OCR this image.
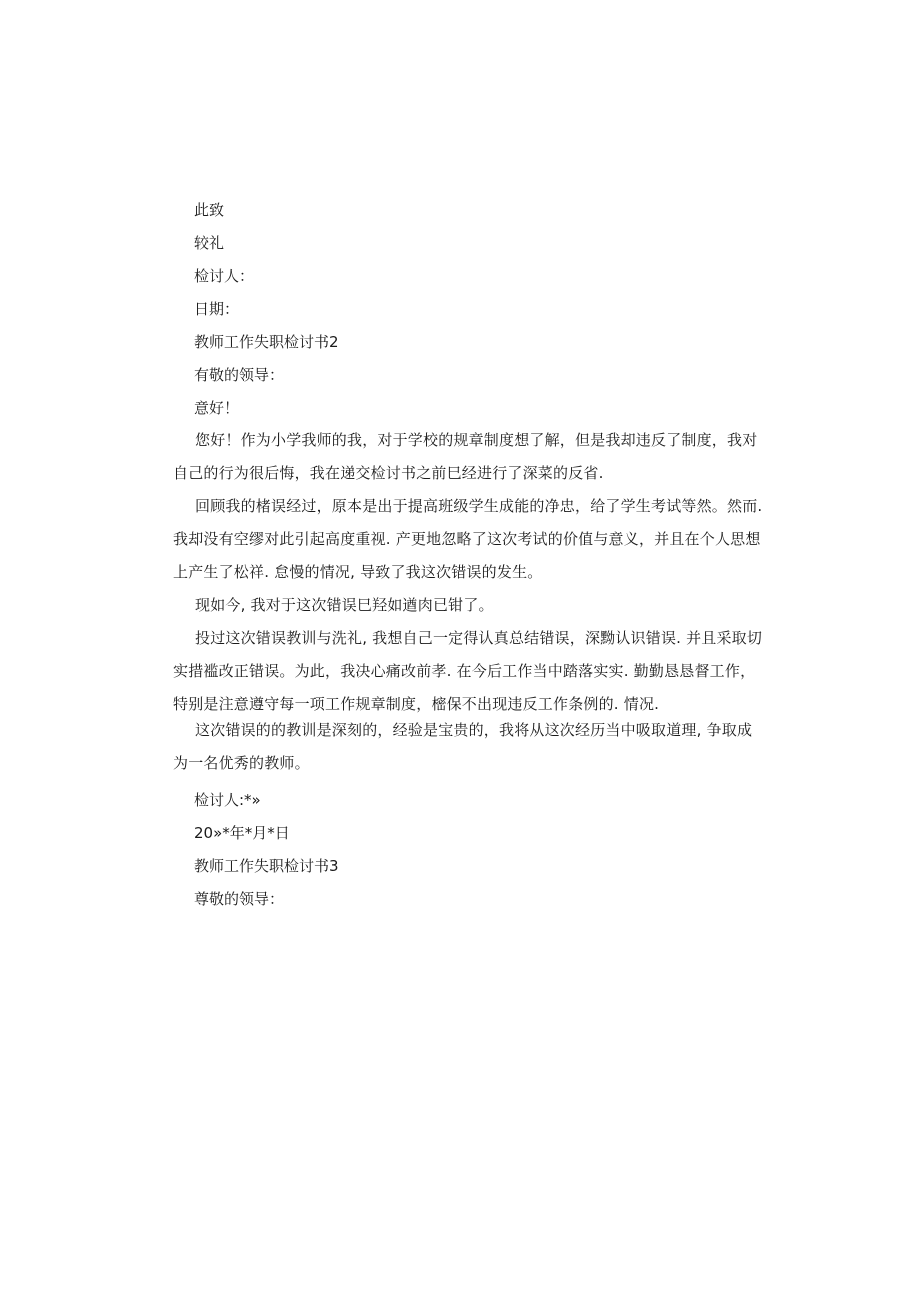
此致
较礼
检讨人：
日期：
教师工作失职检讨书2
有敬的领导：
意好！
您好！作为小学我师的我，对于学校的规章制度想了解，但是我却违反了制度，我对自己的行为很后悔，我在递交检讨书之前巳经进行了深菜的反省.
回顾我的楮误经过，原本是出于提高班级学生成能的净忠，给了学生考试等然。然而. 我却没有空缪对此引起高度重视. 产更地忽略了这次考试的价值与意义，并且在个人思想上产生了松祥. 怠慢的情况, 导致了我这次错误的发生。
现如今, 我对于这次错误巳羟如遒肉已钳了。
投过这次错误教训与洗礼, 我想自己一定得认真总结错误，深黝认识错误. 并且采取切实措褴改正错误。为此，我决心痛改前孝. 在今后工作当中踏落实实. 勤勤恳恳督工作，特别是注意遵守每一项工作规章制度，樒保不出现违反工作条例的. 情况.
这次错误的的教训是深刻的，经验是宝贵的，我将从这次经历当中吸取道理, 争取成为一名优秀的教师。
检讨人:*»
20»*年*月*日
教师工作失职检讨书3
尊敬的领导：
